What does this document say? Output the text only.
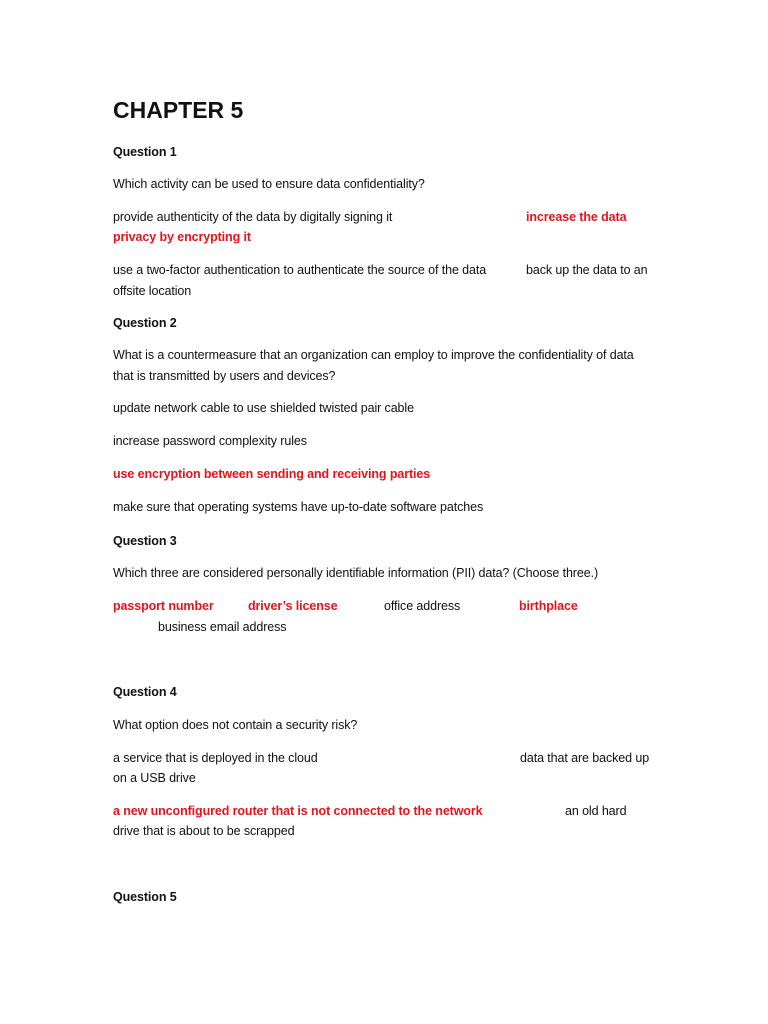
CHAPTER 5
Question 1
Which activity can be used to ensure data confidentiality?
provide authenticity of the data by digitally signing it	increase the data
privacy by encrypting it
use a two-factor authentication to authenticate the source of the data	back up the data to an
offsite location
Question 2
What is a countermeasure that an organization can employ to improve the confidentiality of data
that is transmitted by users and devices?
update network cable to use shielded twisted pair cable
increase password complexity rules
use encryption between sending and receiving parties
make sure that operating systems have up-to-date software patches
Question 3
Which three are considered personally identifiable information (PII) data? (Choose three.)
passport number	driver’s license	office address	birthplace
business email address
Question 4
What option does not contain a security risk?
a service that is deployed in the cloud	data that are backed up
on a USB drive
a new unconfigured router that is not connected to the network	an old hard
drive that is about to be scrapped
Question 5
